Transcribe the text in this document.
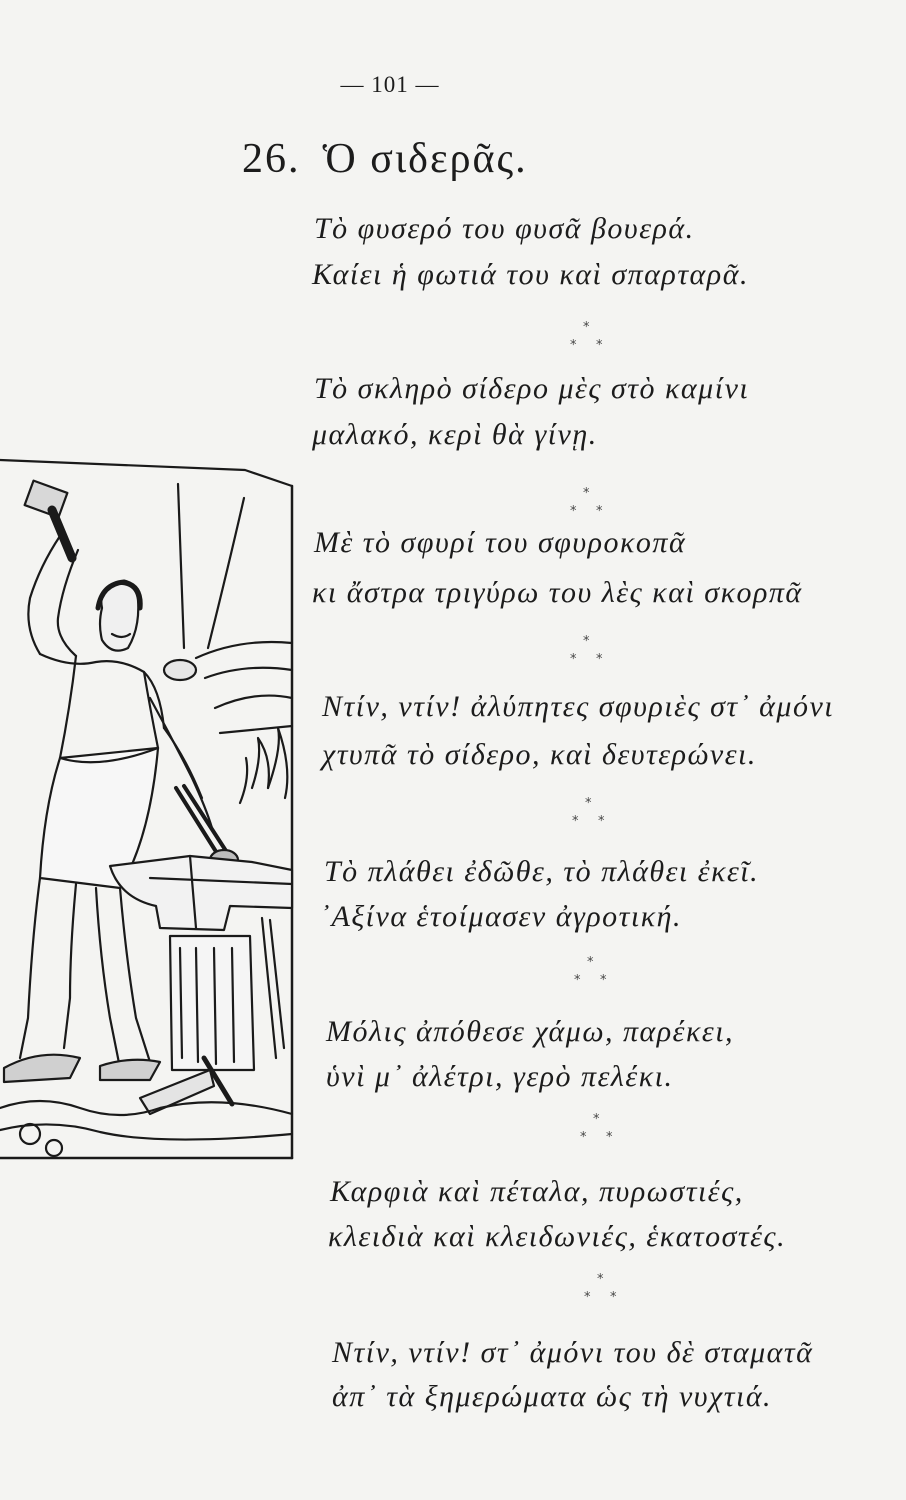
— 101 —
26. Ὁ σιδερᾶς.
Τὸ φυσερό του φυσᾶ βουερά.
Καίει ἡ φωτιά του καὶ σπαρταρᾶ.
*
* *
Τὸ σκληρὸ σίδερο μὲς στὸ καμίνι
μαλακό, κερὶ θὰ γίνῃ.
*
* *
Μὲ τὸ σφυρί του σφυροκοπᾶ
κι ἄστρα τριγύρω του λὲς καὶ σκορπᾶ
*
* *
Ντίν, ντίν! ἀλύπητες σφυριὲς στ᾽ ἀμόνι
χτυπᾶ τὸ σίδερο, καὶ δευτερώνει.
*
* *
Τὸ πλάθει ἐδῶθε, τὸ πλάθει ἐκεῖ.
᾿Αξίνα ἑτοίμασεν ἀγροτική.
*
* *
Μόλις ἀπόθεσε χάμω, παρέκει,
ὑνὶ μ᾽ ἀλέτρι, γερὸ πελέκι.
*
* *
Καρφιὰ καὶ πέταλα, πυρωστιές,
κλειδιὰ καὶ κλειδωνιές, ἑκατοστές.
*
* *
Ντίν, ντίν! στ᾽ ἀμόνι του δὲ σταματᾶ
ἀπ᾽ τὰ ξημερώματα ὡς τὴ νυχτιά.
